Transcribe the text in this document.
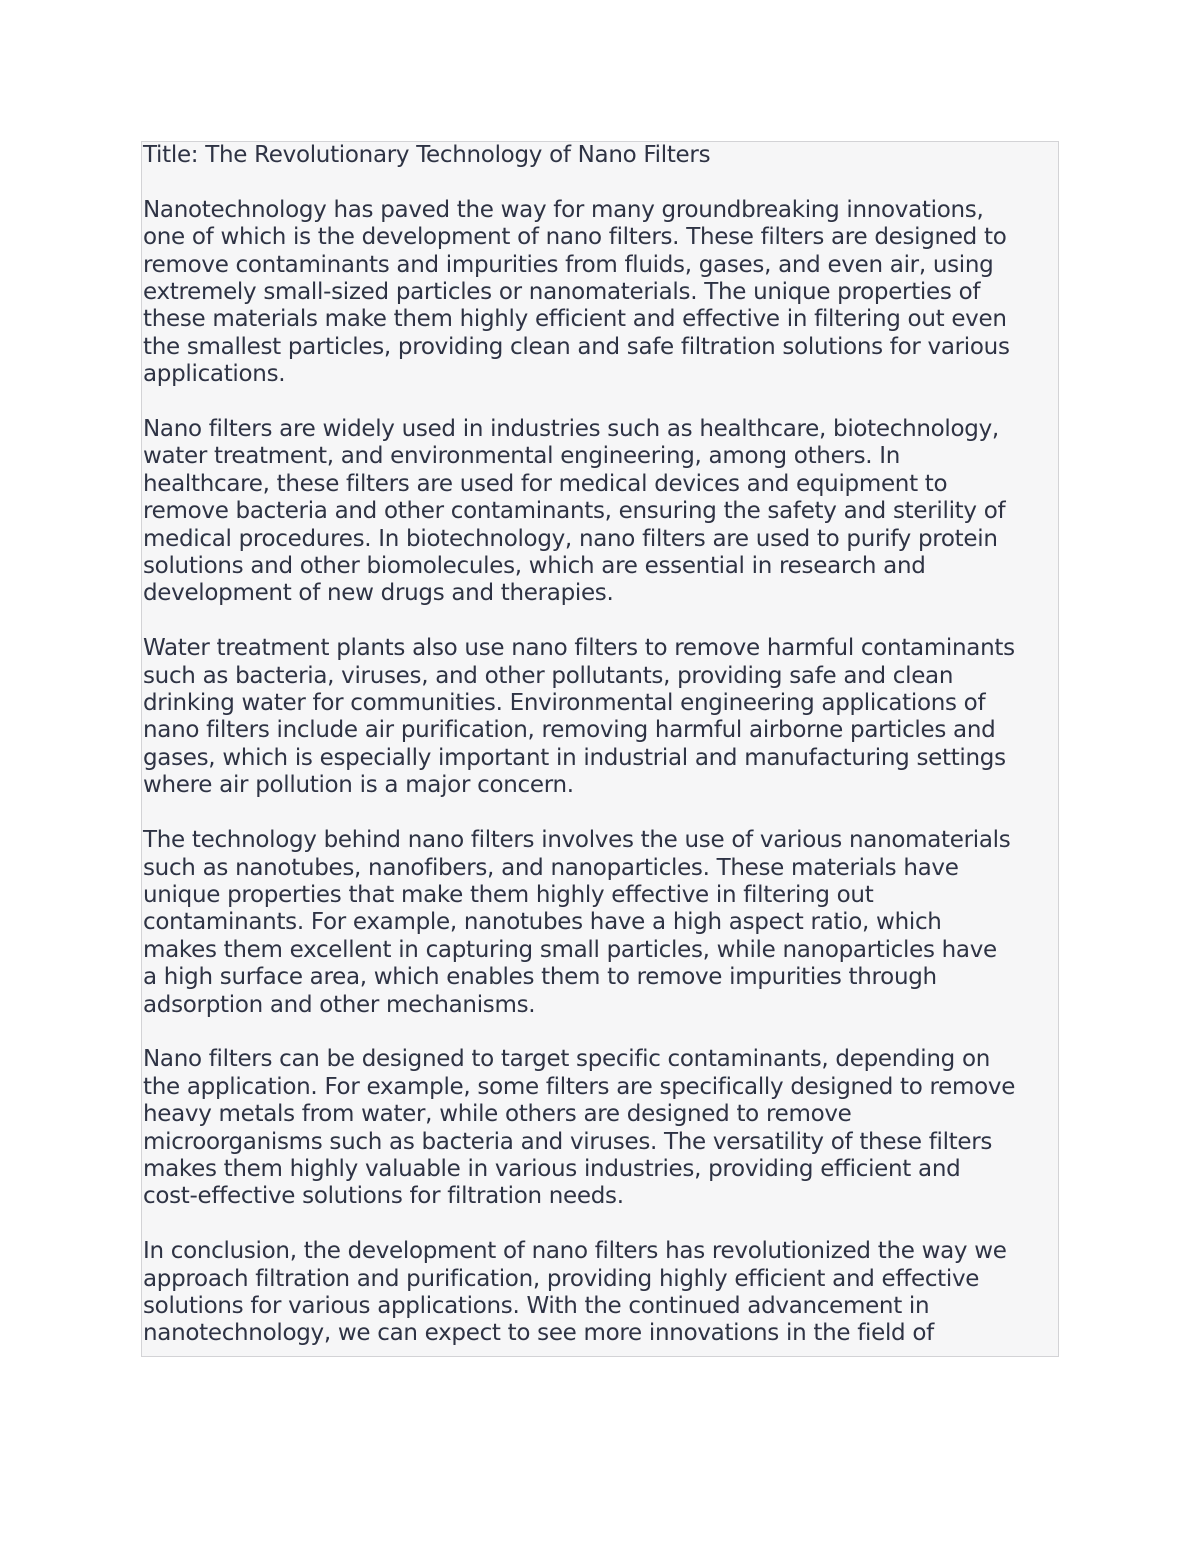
Title: The Revolutionary Technology of Nano Filters
Nanotechnology has paved the way for many groundbreaking innovations,
one of which is the development of nano filters. These filters are designed to
remove contaminants and impurities from fluids, gases, and even air, using
extremely small-sized particles or nanomaterials. The unique properties of
these materials make them highly efficient and effective in filtering out even
the smallest particles, providing clean and safe filtration solutions for various
applications.
Nano filters are widely used in industries such as healthcare, biotechnology,
water treatment, and environmental engineering, among others. In
healthcare, these filters are used for medical devices and equipment to
remove bacteria and other contaminants, ensuring the safety and sterility of
medical procedures. In biotechnology, nano filters are used to purify protein
solutions and other biomolecules, which are essential in research and
development of new drugs and therapies.
Water treatment plants also use nano filters to remove harmful contaminants
such as bacteria, viruses, and other pollutants, providing safe and clean
drinking water for communities. Environmental engineering applications of
nano filters include air purification, removing harmful airborne particles and
gases, which is especially important in industrial and manufacturing settings
where air pollution is a major concern.
The technology behind nano filters involves the use of various nanomaterials
such as nanotubes, nanofibers, and nanoparticles. These materials have
unique properties that make them highly effective in filtering out
contaminants. For example, nanotubes have a high aspect ratio, which
makes them excellent in capturing small particles, while nanoparticles have
a high surface area, which enables them to remove impurities through
adsorption and other mechanisms.
Nano filters can be designed to target specific contaminants, depending on
the application. For example, some filters are specifically designed to remove
heavy metals from water, while others are designed to remove
microorganisms such as bacteria and viruses. The versatility of these filters
makes them highly valuable in various industries, providing efficient and
cost-effective solutions for filtration needs.
In conclusion, the development of nano filters has revolutionized the way we
approach filtration and purification, providing highly efficient and effective
solutions for various applications. With the continued advancement in
nanotechnology, we can expect to see more innovations in the field of
